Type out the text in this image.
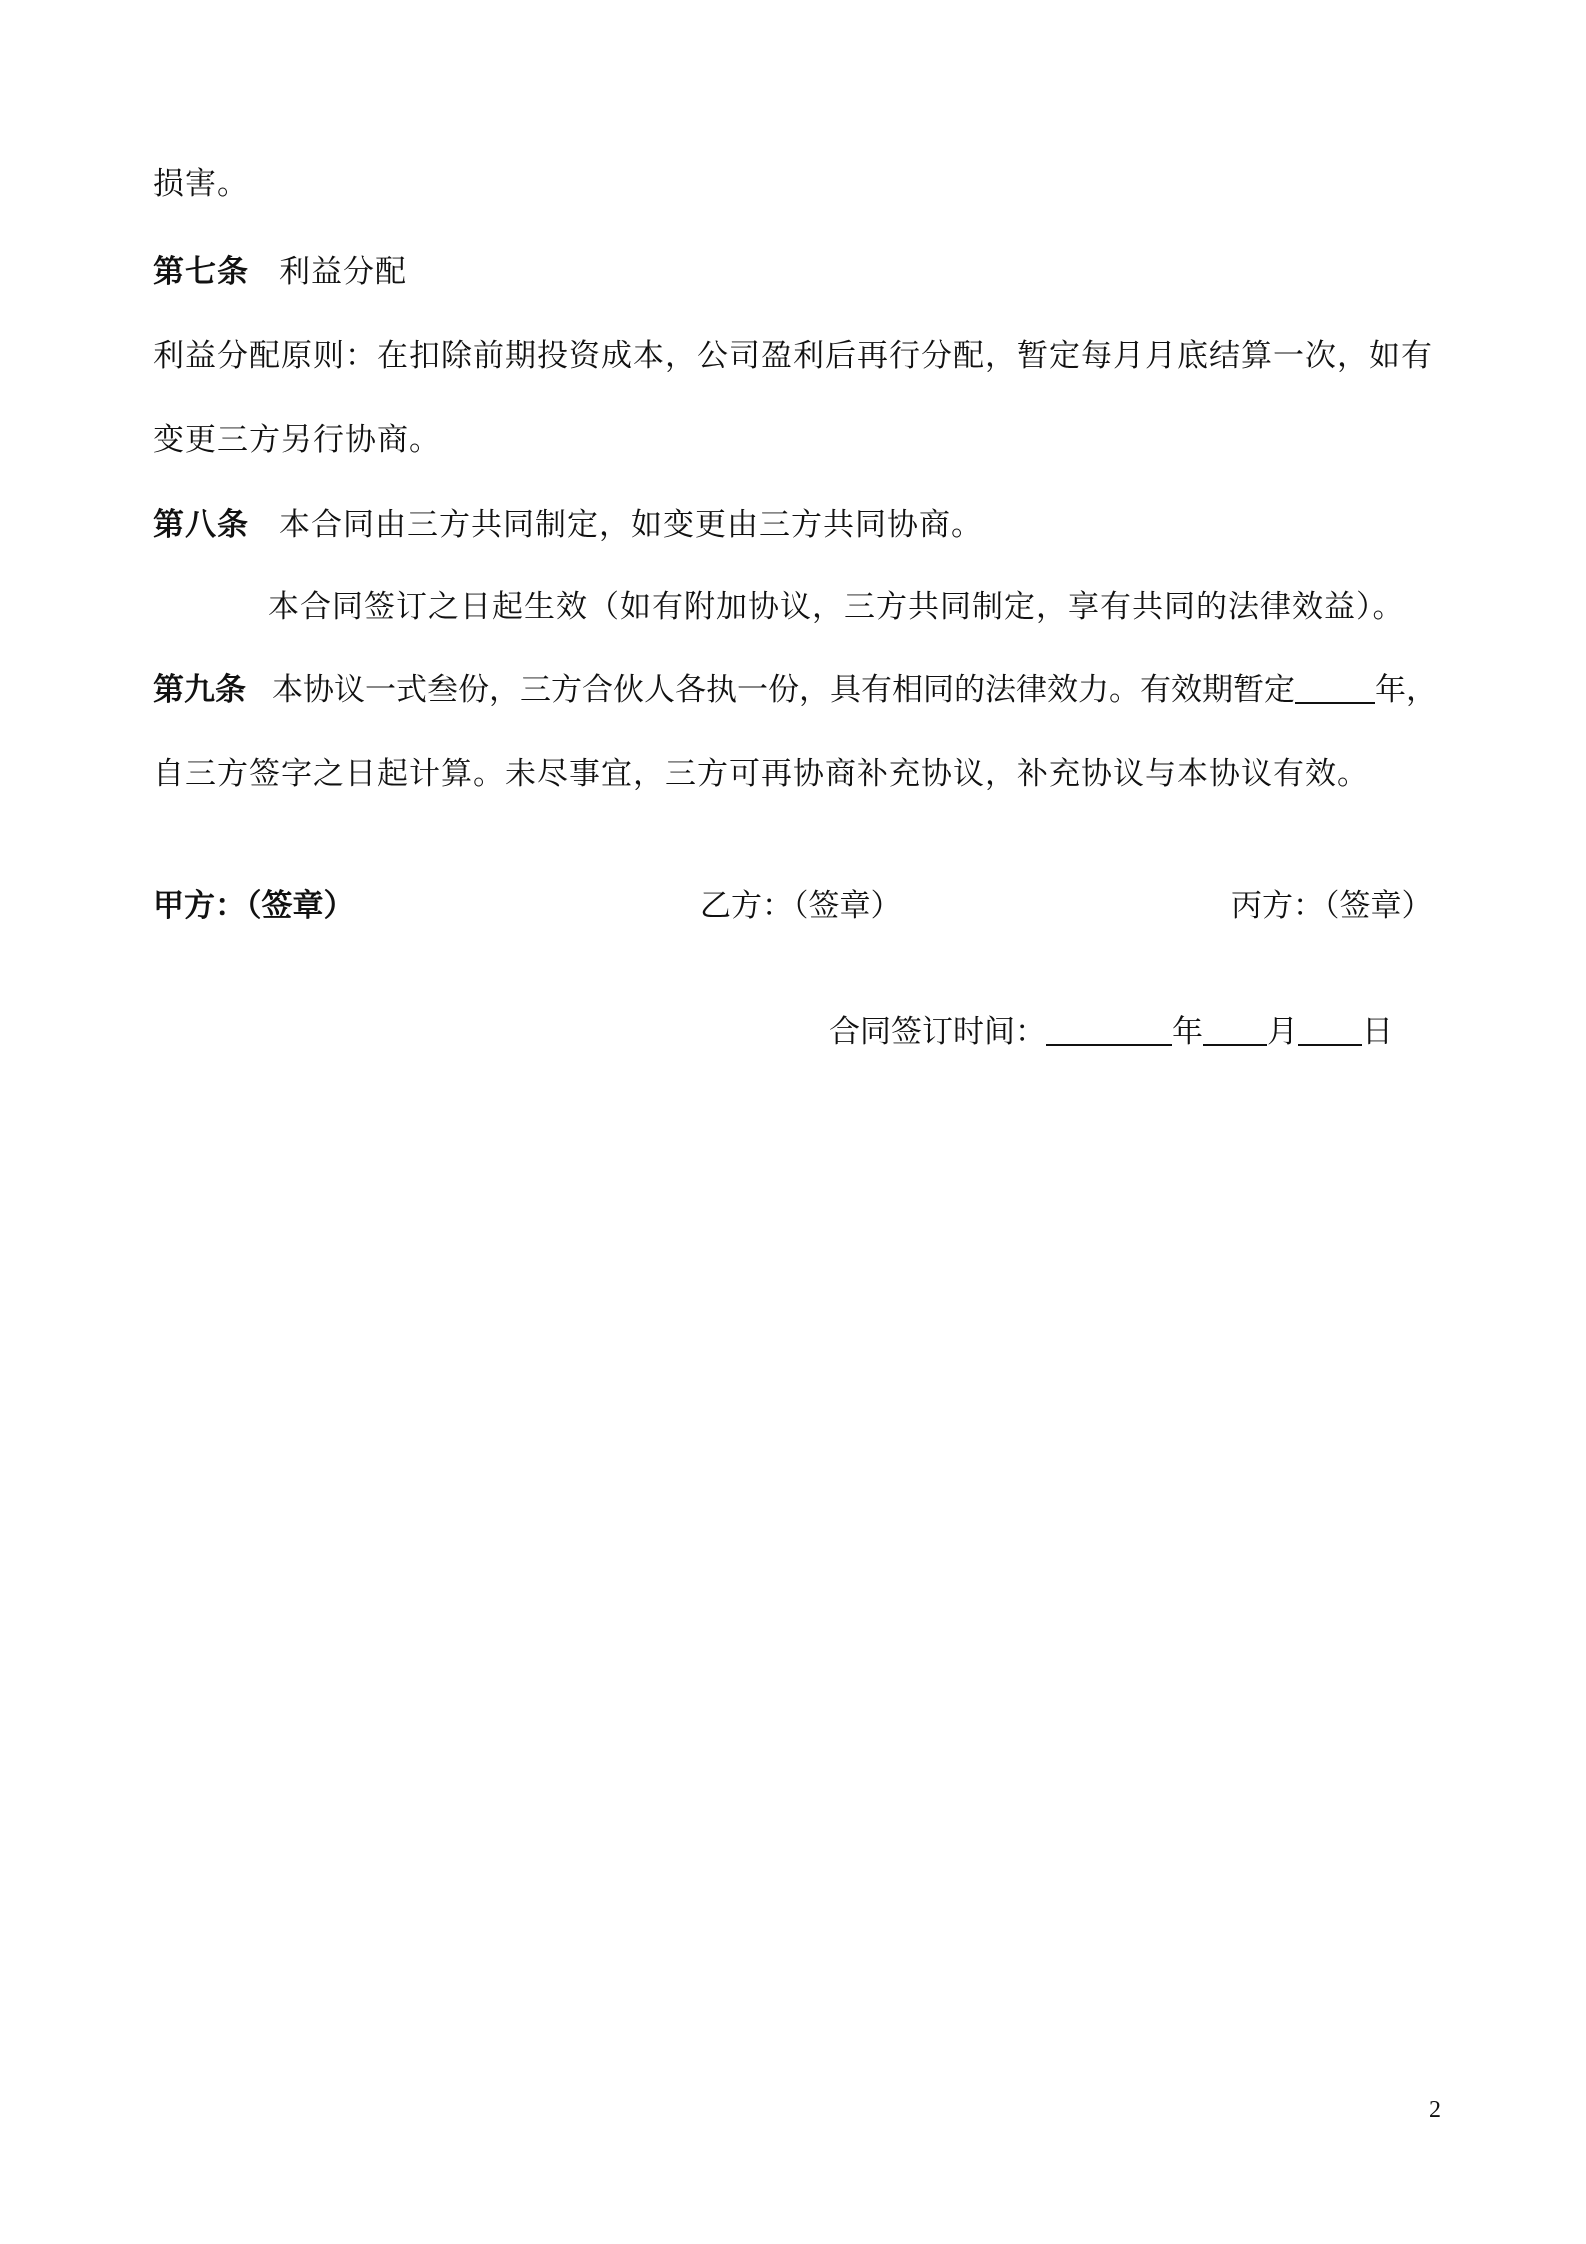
损害。
第七条 利益分配
利益分配原则：在扣除前期投资成本，公司盈利后再行分配，暂定每月月底结算一次，如有
变更三方另行协商。
第八条 本合同由三方共同制定，如变更由三方共同协商。
本合同签订之日起生效（如有附加协议，三方共同制定，享有共同的法律效益）。
第九条 本协议一式叁份，三方合伙人各执一份，具有相同的法律效力。有效期暂定	年，
自三方签字之日起计算。未尽事宜，三方可再协商补充协议，补充协议与本协议有效。
甲方：（签章）	乙方：（签章）	丙方：（签章）
合同签订时间：	年 月 日
2
